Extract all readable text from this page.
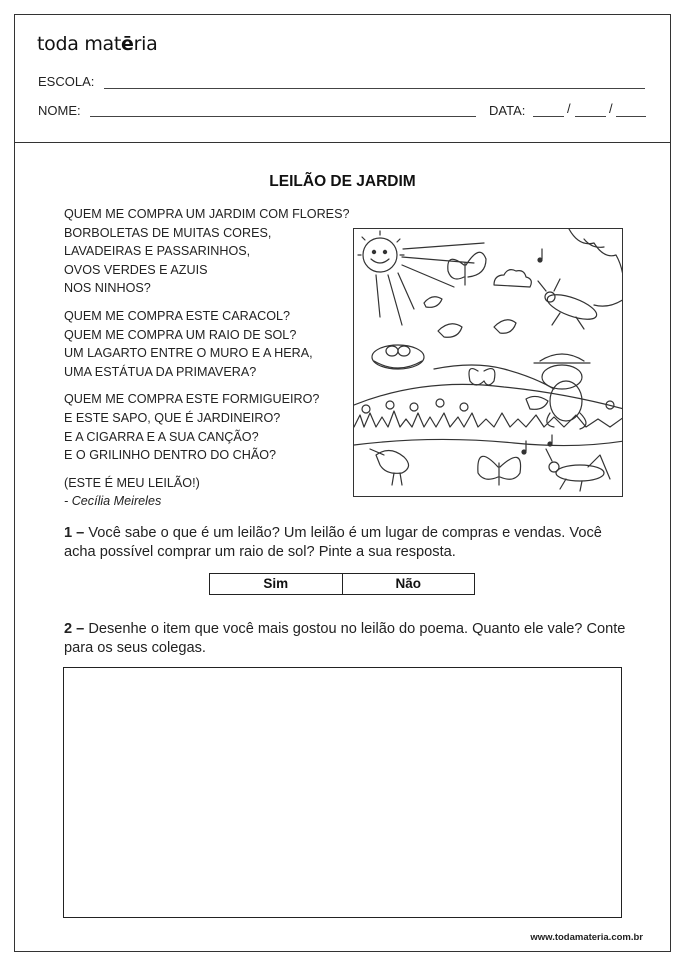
toda matēria
ESCOLA:
NOME:	DATA:	/	/
LEILÃO DE JARDIM
QUEM ME COMPRA UM JARDIM COM FLORES?
BORBOLETAS DE MUITAS CORES,
LAVADEIRAS E PASSARINHOS,
OVOS VERDES E AZUIS
NOS NINHOS?
QUEM ME COMPRA ESTE CARACOL?
QUEM ME COMPRA UM RAIO DE SOL?
UM LAGARTO ENTRE O MURO E A HERA,
UMA ESTÁTUA DA PRIMAVERA?
QUEM ME COMPRA ESTE FORMIGUEIRO?
E ESTE SAPO, QUE É JARDINEIRO?
E A CIGARRA E A SUA CANÇÃO?
E O GRILINHO DENTRO DO CHÃO?
(ESTE É MEU LEILÃO!)
- Cecília Meireles
1 – Você sabe o que é um leilão? Um leilão é um lugar de compras e vendas. Você acha possível comprar um raio de sol? Pinte a sua resposta.
Sim	Não
2 – Desenhe o item que você mais gostou no leilão do poema. Quanto ele vale? Conte para os seus colegas.
www.todamateria.com.br
